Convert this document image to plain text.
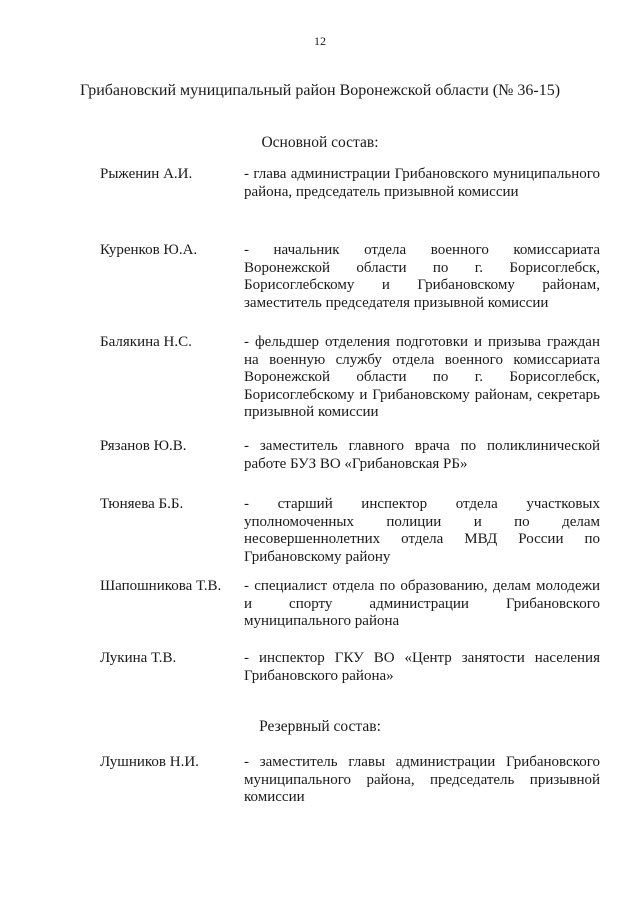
12
Грибановский муниципальный район Воронежской области (№ 36-15)
Основной состав:
Рыженин А.И.	- глава администрации Грибановского муниципального района, председатель призывной комиссии
Куренков Ю.А.	- начальник отдела военного комиссариата Воронежской области по г. Борисоглебск, Борисоглебскому и Грибановскому районам, заместитель председателя призывной комиссии
Балякина Н.С.	- фельдшер отделения подготовки и призыва граждан на военную службу отдела военного комиссариата Воронежской области по г. Борисоглебск, Борисоглебскому и Грибановскому районам, секретарь призывной комиссии
Рязанов Ю.В.	- заместитель главного врача по поликлинической работе БУЗ ВО «Грибановская РБ»
Тюняева Б.Б.	- старший инспектор отдела участковых уполномоченных полиции и по делам несовершеннолетних отдела МВД России по Грибановскому району
Шапошникова Т.В.	- специалист отдела по образованию, делам молодежи и спорту администрации Грибановского муниципального района
Лукина Т.В.	- инспектор ГКУ ВО «Центр занятости населения Грибановского района»
Резервный состав:
Лушников Н.И.	- заместитель главы администрации Грибановского муниципального района, председатель призывной комиссии
